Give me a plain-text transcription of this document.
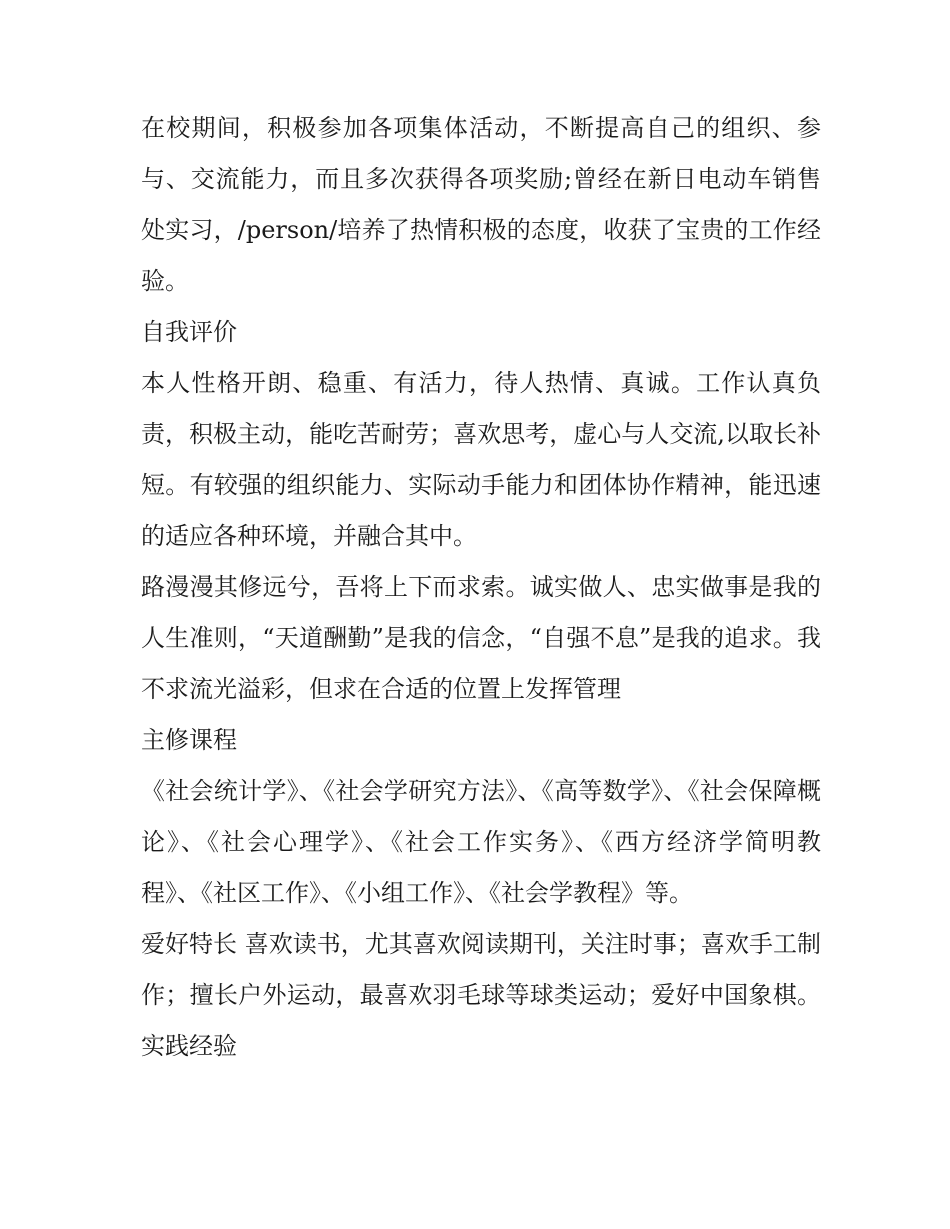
在校期间，积极参加各项集体活动，不断提高自己的组织、参与、交流能力，而且多次获得各项奖励;曾经在新日电动车销售处实习，/person/培养了热情积极的态度，收获了宝贵的工作经验。

自我评价

本人性格开朗、稳重、有活力，待人热情、真诚。工作认真负责，积极主动，能吃苦耐劳；喜欢思考，虚心与人交流,以取长补短。有较强的组织能力、实际动手能力和团体协作精神，能迅速的适应各种环境，并融合其中。

路漫漫其修远兮，吾将上下而求索。诚实做人、忠实做事是我的人生准则，“天道酬勤”是我的信念，“自强不息”是我的追求。我不求流光溢彩，但求在合适的位置上发挥管理

主修课程

《社会统计学》、《社会学研究方法》、《高等数学》、《社会保障概论》、《社会心理学》、《社会工作实务》、《西方经济学简明教程》、《社区工作》、《小组工作》、《社会学教程》等。

爱好特长 喜欢读书，尤其喜欢阅读期刊，关注时事；喜欢手工制作；擅长户外运动，最喜欢羽毛球等球类运动；爱好中国象棋。 实践经验
